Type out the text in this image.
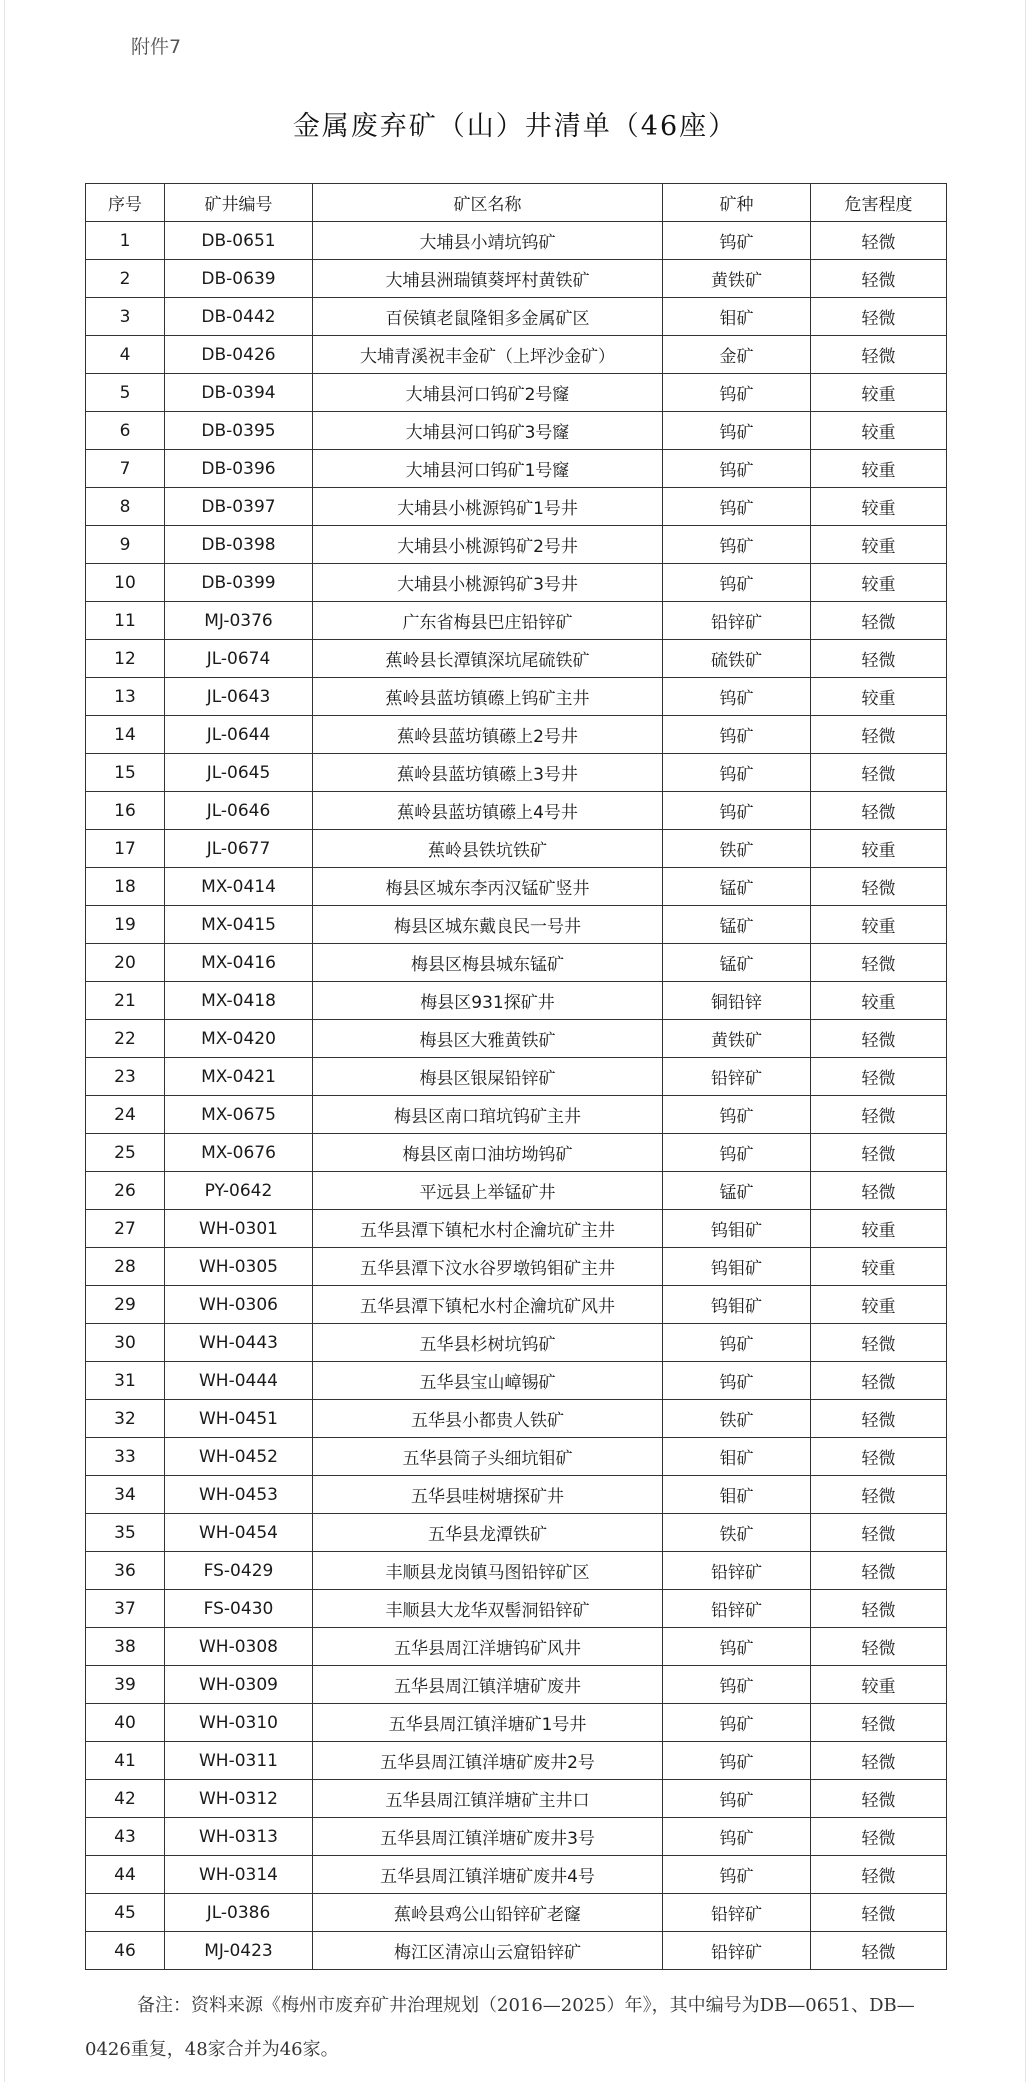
附件7
金属废弃矿（山）井清单（46座）
序号	矿井编号	矿区名称	矿种	危害程度
1	DB-0651	大埔县小靖坑钨矿	钨矿	轻微
2	DB-0639	大埔县洲瑞镇葵坪村黄铁矿	黄铁矿	轻微
3	DB-0442	百侯镇老鼠隆钼多金属矿区	钼矿	轻微
4	DB-0426	大埔青溪祝丰金矿（上坪沙金矿）	金矿	轻微
5	DB-0394	大埔县河口钨矿2号窿	钨矿	较重
6	DB-0395	大埔县河口钨矿3号窿	钨矿	较重
7	DB-0396	大埔县河口钨矿1号窿	钨矿	较重
8	DB-0397	大埔县小桃源钨矿1号井	钨矿	较重
9	DB-0398	大埔县小桃源钨矿2号井	钨矿	较重
10	DB-0399	大埔县小桃源钨矿3号井	钨矿	较重
11	MJ-0376	广东省梅县巴庄铅锌矿	铅锌矿	轻微
12	JL-0674	蕉岭县长潭镇深坑尾硫铁矿	硫铁矿	轻微
13	JL-0643	蕉岭县蓝坊镇礤上钨矿主井	钨矿	较重
14	JL-0644	蕉岭县蓝坊镇礤上2号井	钨矿	轻微
15	JL-0645	蕉岭县蓝坊镇礤上3号井	钨矿	轻微
16	JL-0646	蕉岭县蓝坊镇礤上4号井	钨矿	轻微
17	JL-0677	蕉岭县铁坑铁矿	铁矿	较重
18	MX-0414	梅县区城东李丙汉锰矿竖井	锰矿	轻微
19	MX-0415	梅县区城东戴良民一号井	锰矿	较重
20	MX-0416	梅县区梅县城东锰矿	锰矿	轻微
21	MX-0418	梅县区931探矿井	铜铅锌	较重
22	MX-0420	梅县区大雅黄铁矿	黄铁矿	轻微
23	MX-0421	梅县区银屎铅锌矿	铅锌矿	轻微
24	MX-0675	梅县区南口琯坑钨矿主井	钨矿	轻微
25	MX-0676	梅县区南口油坊坳钨矿	钨矿	轻微
26	PY-0642	平远县上举锰矿井	锰矿	轻微
27	WH-0301	五华县潭下镇杞水村企瀹坑矿主井	钨钼矿	较重
28	WH-0305	五华县潭下汶水谷罗墩钨钼矿主井	钨钼矿	较重
29	WH-0306	五华县潭下镇杞水村企瀹坑矿风井	钨钼矿	较重
30	WH-0443	五华县杉树坑钨矿	钨矿	轻微
31	WH-0444	五华县宝山嶂锡矿	钨矿	轻微
32	WH-0451	五华县小都贵人铁矿	铁矿	轻微
33	WH-0452	五华县筒子头细坑钼矿	钼矿	轻微
34	WH-0453	五华县哇树塘探矿井	钼矿	轻微
35	WH-0454	五华县龙潭铁矿	铁矿	轻微
36	FS-0429	丰顺县龙岗镇马图铅锌矿区	铅锌矿	轻微
37	FS-0430	丰顺县大龙华双髻洞铅锌矿	铅锌矿	轻微
38	WH-0308	五华县周江洋塘钨矿风井	钨矿	轻微
39	WH-0309	五华县周江镇洋塘矿废井	钨矿	较重
40	WH-0310	五华县周江镇洋塘矿1号井	钨矿	轻微
41	WH-0311	五华县周江镇洋塘矿废井2号	钨矿	轻微
42	WH-0312	五华县周江镇洋塘矿主井口	钨矿	轻微
43	WH-0313	五华县周江镇洋塘矿废井3号	钨矿	轻微
44	WH-0314	五华县周江镇洋塘矿废井4号	钨矿	轻微
45	JL-0386	蕉岭县鸡公山铅锌矿老窿	铅锌矿	轻微
46	MJ-0423	梅江区清凉山云窟铅锌矿	铅锌矿	轻微
备注：资料来源《梅州市废弃矿井治理规划（2016—2025）年》，其中编号为DB—0651、DB—0426重复，48家合并为46家。
